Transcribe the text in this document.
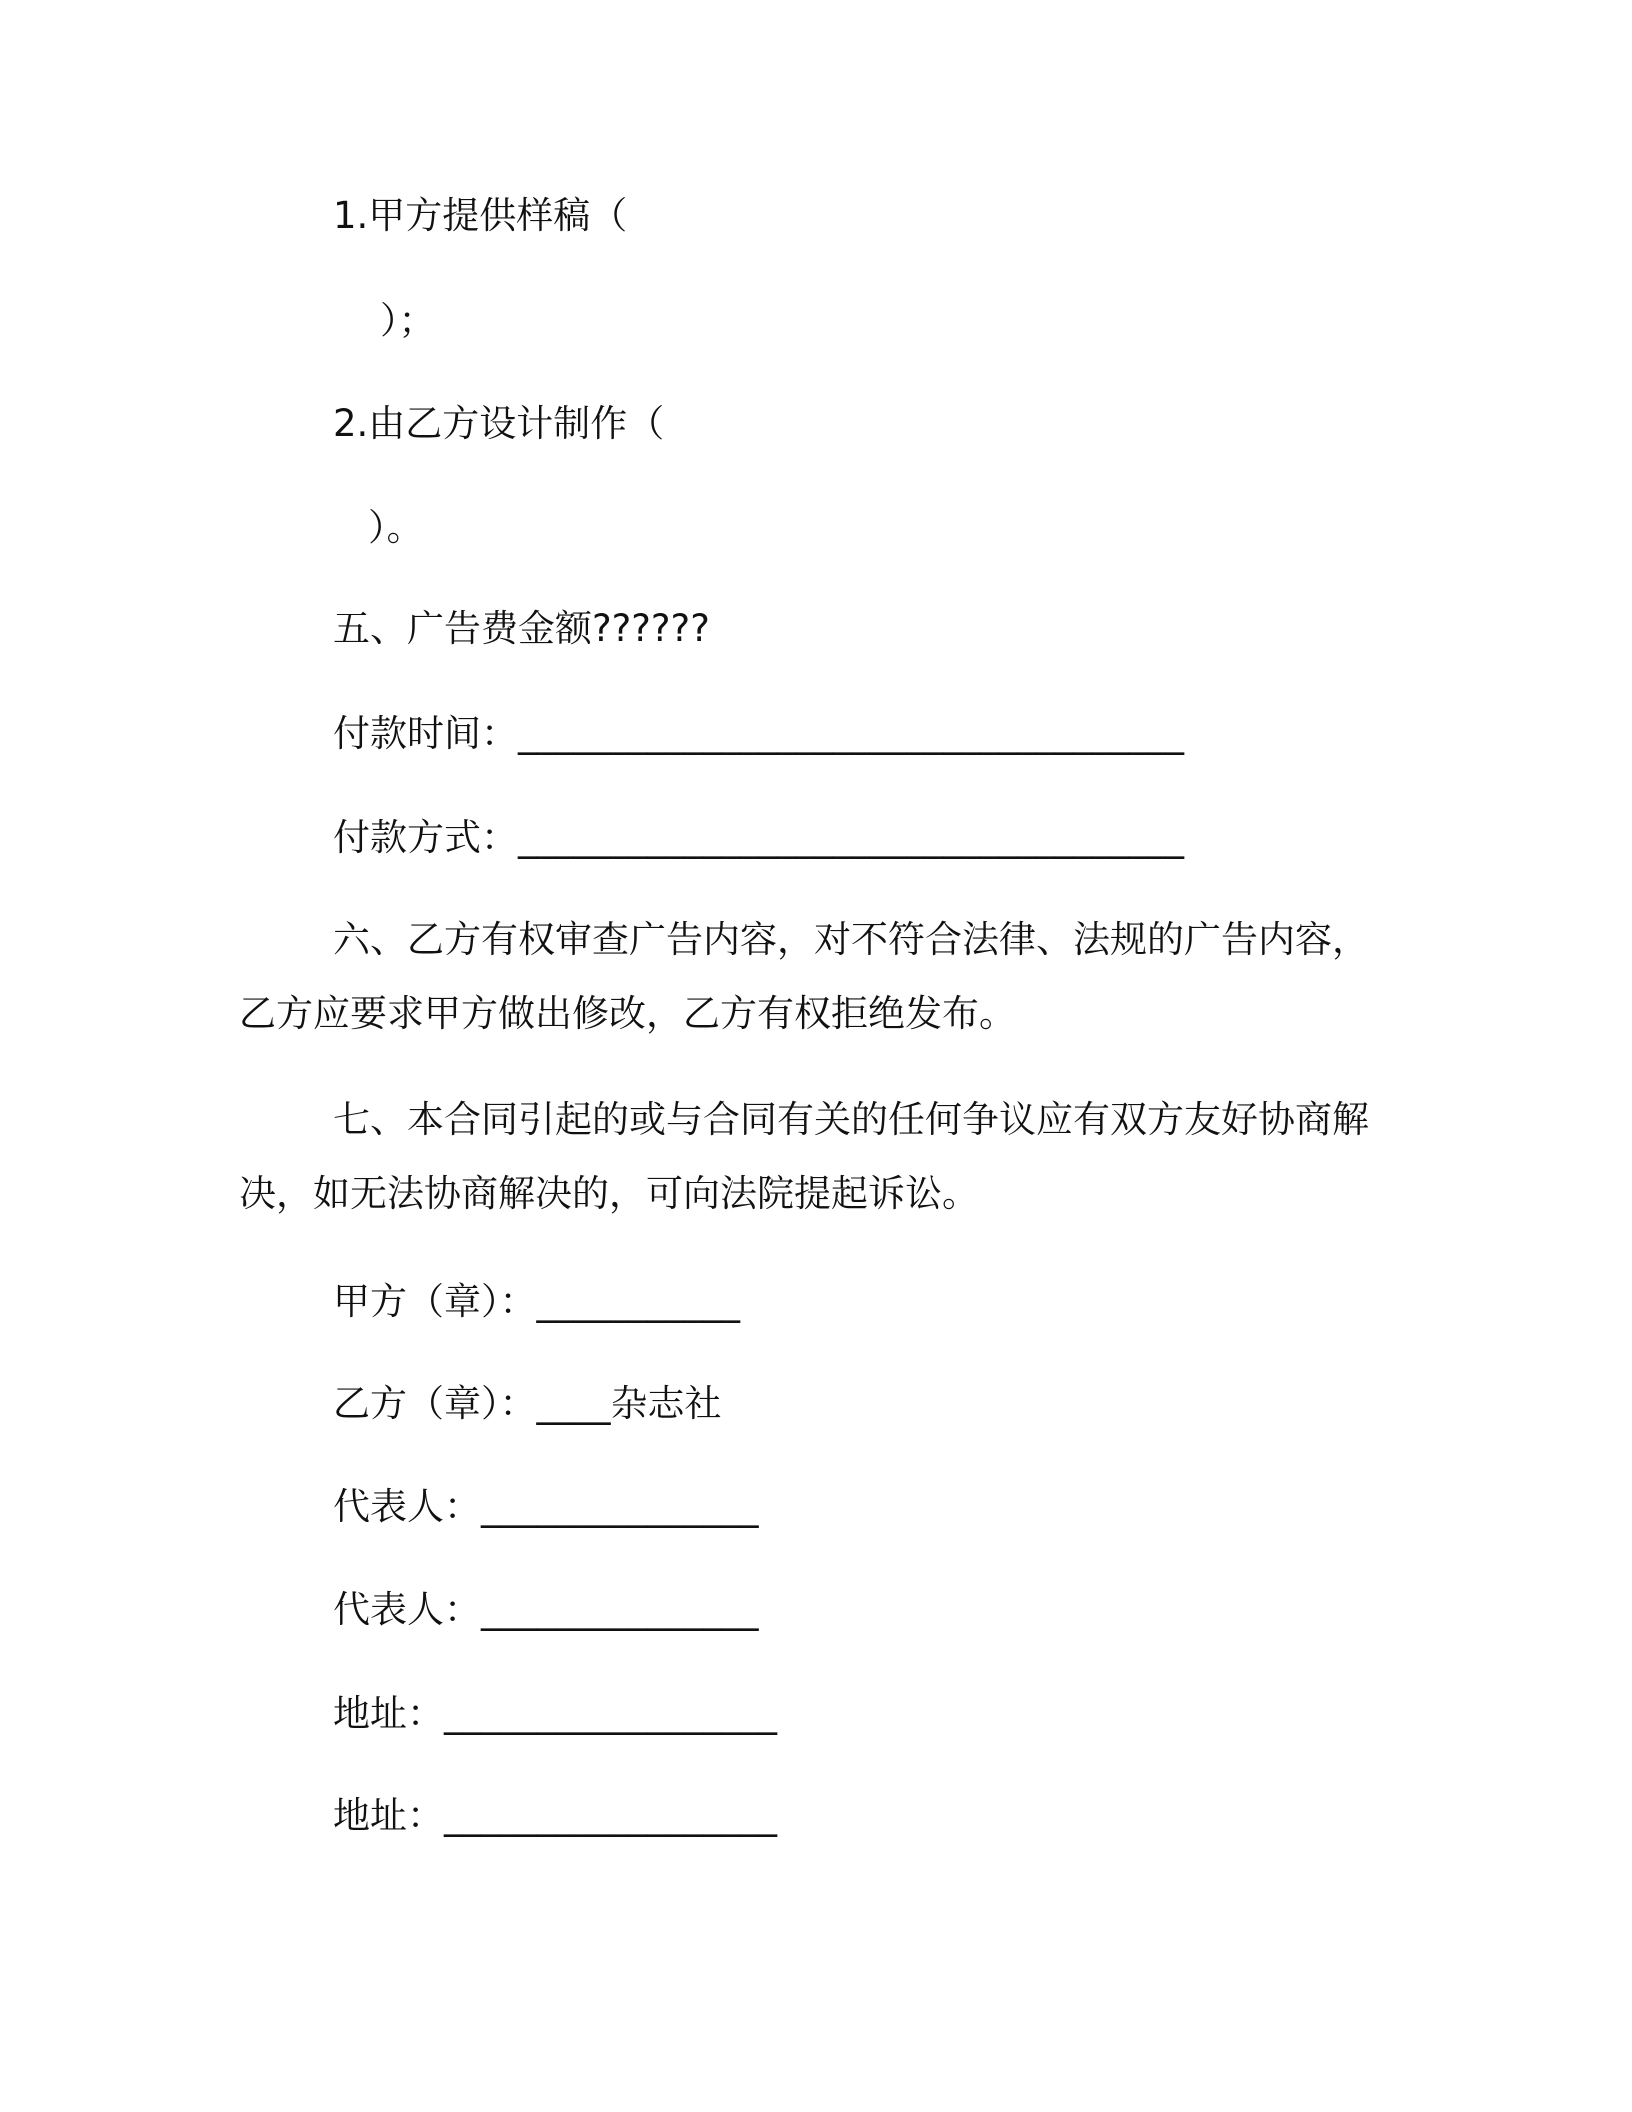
1.甲方提供样稿（
）；
2.由乙方设计制作（
）。
五、广告费金额??????
付款时间：____________________________________
付款方式：____________________________________
六、乙方有权审查广告内容，对不符合法律、法规的广告内容，
乙方应要求甲方做出修改，乙方有权拒绝发布。
七、本合同引起的或与合同有关的任何争议应有双方友好协商解
决，如无法协商解决的，可向法院提起诉讼。
甲方（章）：___________
乙方（章）：____杂志社
代表人：_______________
代表人：_______________
地址：__________________
地址：__________________
